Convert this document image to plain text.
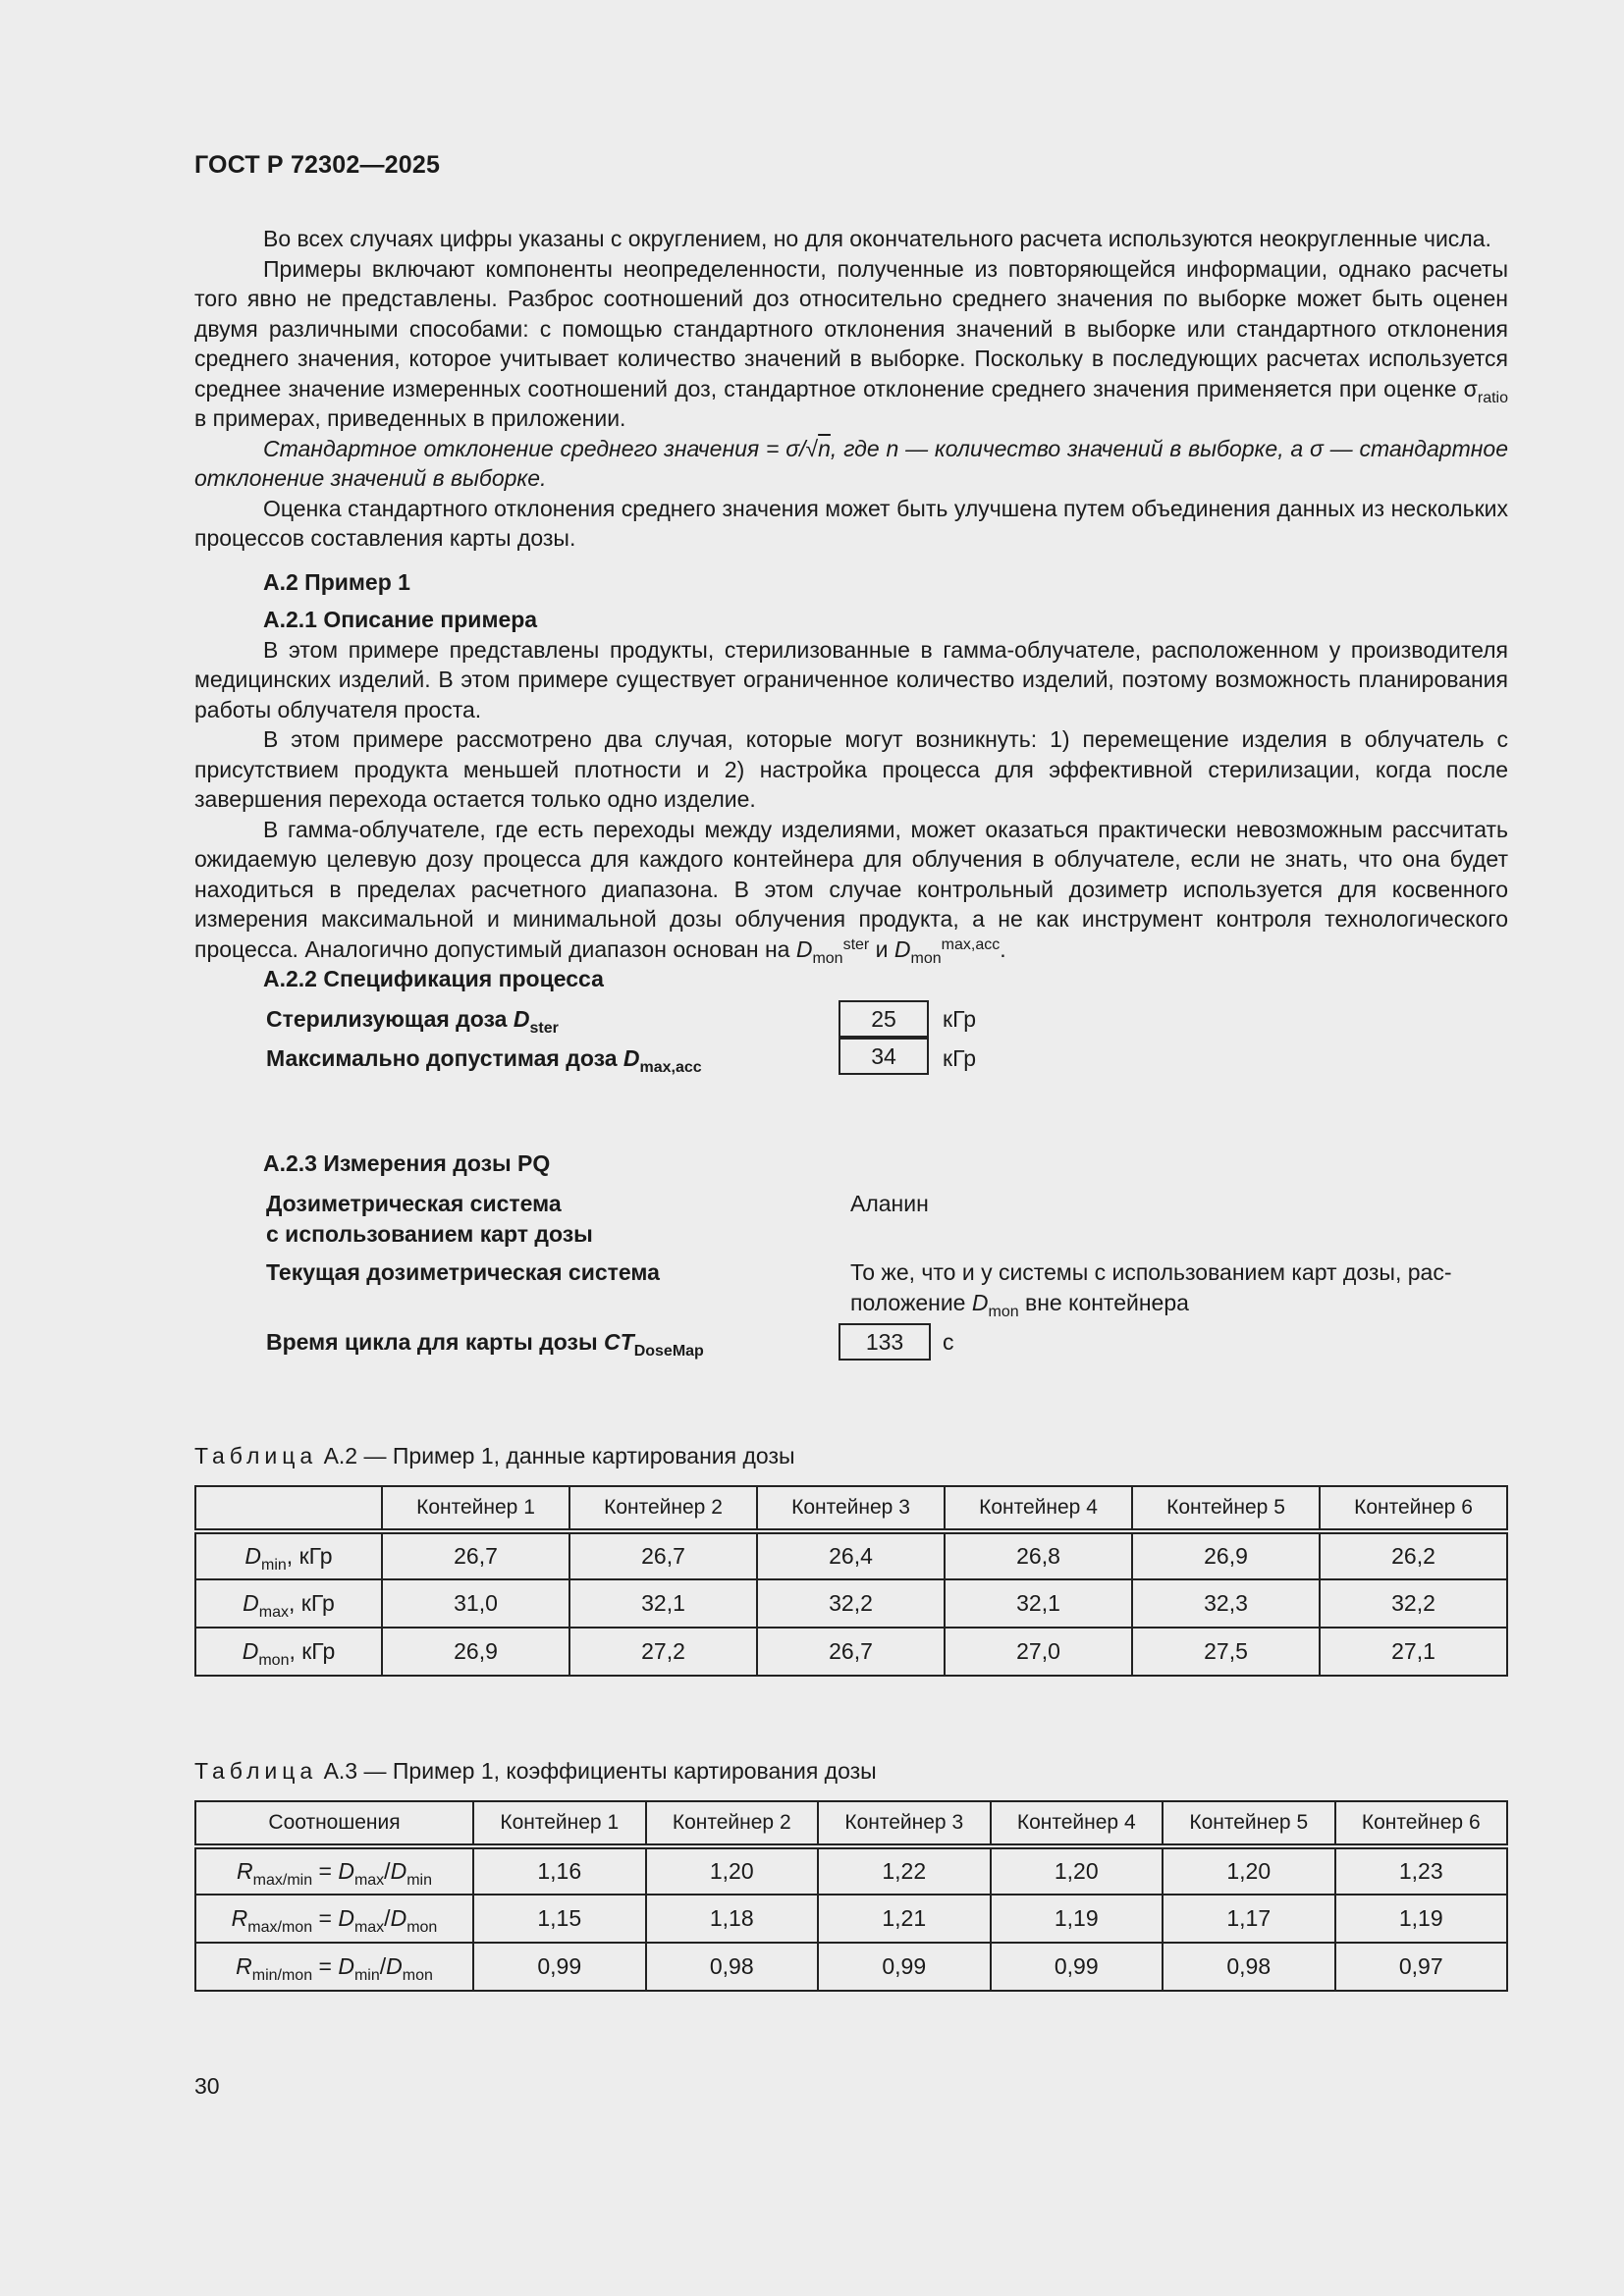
ГОСТ Р 72302—2025

Во всех случаях цифры указаны с округлением, но для окончательного расчета используются неокругленные числа.

Примеры включают компоненты неопределенности, полученные из повторяющейся информации, однако расчеты того явно не представлены. Разброс соотношений доз относительно среднего значения по выборке может быть оценен двумя различными способами: с помощью стандартного отклонения значений в выборке или стандартного отклонения среднего значения, которое учитывает количество значений в выборке. Поскольку в последующих расчетах используется среднее значение измеренных соотношений доз, стандартное отклонение среднего значения применяется при оценке $\sigma_{ratio}$ в примерах, приведенных в приложении.

Стандартное отклонение среднего значения = σ/√n, где n — количество значений в выборке, а σ — стандартное отклонение значений в выборке.

Оценка стандартного отклонения среднего значения может быть улучшена путем объединения данных из нескольких процессов составления карты дозы.

А.2 Пример 1
А.2.1 Описание примера

В этом примере представлены продукты, стерилизованные в гамма-облучателе, расположенном у производителя медицинских изделий. В этом примере существует ограниченное количество изделий, поэтому возможность планирования работы облучателя проста.

В этом примере рассмотрено два случая, которые могут возникнуть: 1) перемещение изделия в облучатель с присутствием продукта меньшей плотности и 2) настройка процесса для эффективной стерилизации, когда после завершения перехода остается только одно изделие.

В гамма-облучателе, где есть переходы между изделиями, может оказаться практически невозможным рассчитать ожидаемую целевую дозу процесса для каждого контейнера для облучения в облучателе, если не знать, что она будет находиться в пределах расчетного диапазона. В этом случае контрольный дозиметр используется для косвенного измерения максимальной и минимальной дозы облучения продукта, а не как инструмент контроля технологического процесса. Аналогично допустимый диапазон основан на $D_{mon}^{ster}$ и $D_{mon}^{max,acc}$.

А.2.2 Спецификация процесса
Стерилизующая доза $D_{ster}$	25	кГр
Максимально допустимая доза $D_{max,acc}$	34	кГр
А.2.3 Измерения дозы PQ
Дозиметрическая система
с использованием карт дозы
Аланин
Текущая дозиметрическая система	То же, что и у системы с использованием карт дозы, рас-
положение $D_{mon}$ вне контейнера
Время цикла для карты дозы $CT_{DoseMap}$	133	с
Таблица А.2 — Пример 1, данные картирования дозы
	Контейнер 1	Контейнер 2	Контейнер 3	Контейнер 4	Контейнер 5	Контейнер 6
$D_{min}$, кГр	26,7	26,7	26,4	26,8	26,9	26,2
$D_{max}$, кГр	31,0	32,1	32,2	32,1	32,3	32,2
$D_{mon}$, кГр	26,9	27,2	26,7	27,0	27,5	27,1
Таблица А.3 — Пример 1, коэффициенты картирования дозы
Соотношения	Контейнер 1	Контейнер 2	Контейнер 3	Контейнер 4	Контейнер 5	Контейнер 6
$R_{max/min} = D_{max}/D_{min}$	1,16	1,20	1,22	1,20	1,20	1,23
$R_{max/mon} = D_{max}/D_{mon}$	1,15	1,18	1,21	1,19	1,17	1,19
$R_{min/mon} = D_{min}/D_{mon}$	0,99	0,98	0,99	0,99	0,98	0,97
30
